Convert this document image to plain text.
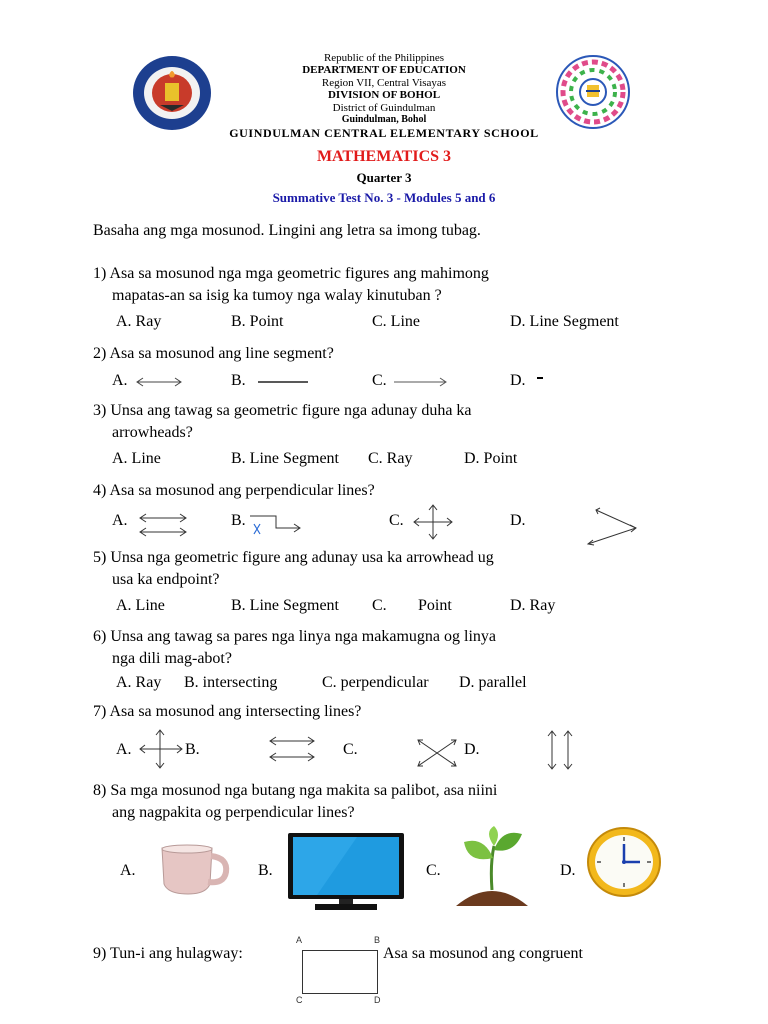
Republic of the Philippines
DEPARTMENT OF EDUCATION
Region VII, Central Visayas
DIVISION OF BOHOL
District of Guindulman
Guindulman, Bohol
GUINDULMAN CENTRAL ELEMENTARY SCHOOL
MATHEMATICS 3
Quarter 3
Summative Test No. 3 - Modules 5 and 6
Basaha ang mga mosunod. Lingini ang letra sa imong tubag.
1) Asa sa mosunod nga mga geometric figures ang mahimong
mapatas-an sa isig ka tumoy nga walay kinutuban ?
A. Ray	B. Point	C. Line	D. Line Segment
2) Asa sa mosunod ang line segment?
A.	B.	C.	D.
3) Unsa ang tawag sa geometric figure nga adunay duha ka
arrowheads?
A. Line	B. Line Segment C. Ray	D. Point
4) Asa sa mosunod ang perpendicular lines?
A.	B.	C.	D.
5) Unsa nga geometric figure ang adunay usa ka arrowhead ug
usa ka endpoint?
A. Line	B. Line Segment C. Point	D. Ray
6) Unsa ang tawag sa pares nga linya nga makamugna og linya
nga dili mag-abot?
A. Ray B. intersecting	C. perpendicular D. parallel
7) Asa sa mosunod ang intersecting lines?
A.	B.	C.	D.
8) Sa mga mosunod nga butang nga makita sa palibot, asa niini
ang nagpakita og perpendicular lines?
A.	B.	C.	D.
9) Tun-i ang hulagway:
A	B
C	D
Asa sa mosunod ang congruent
